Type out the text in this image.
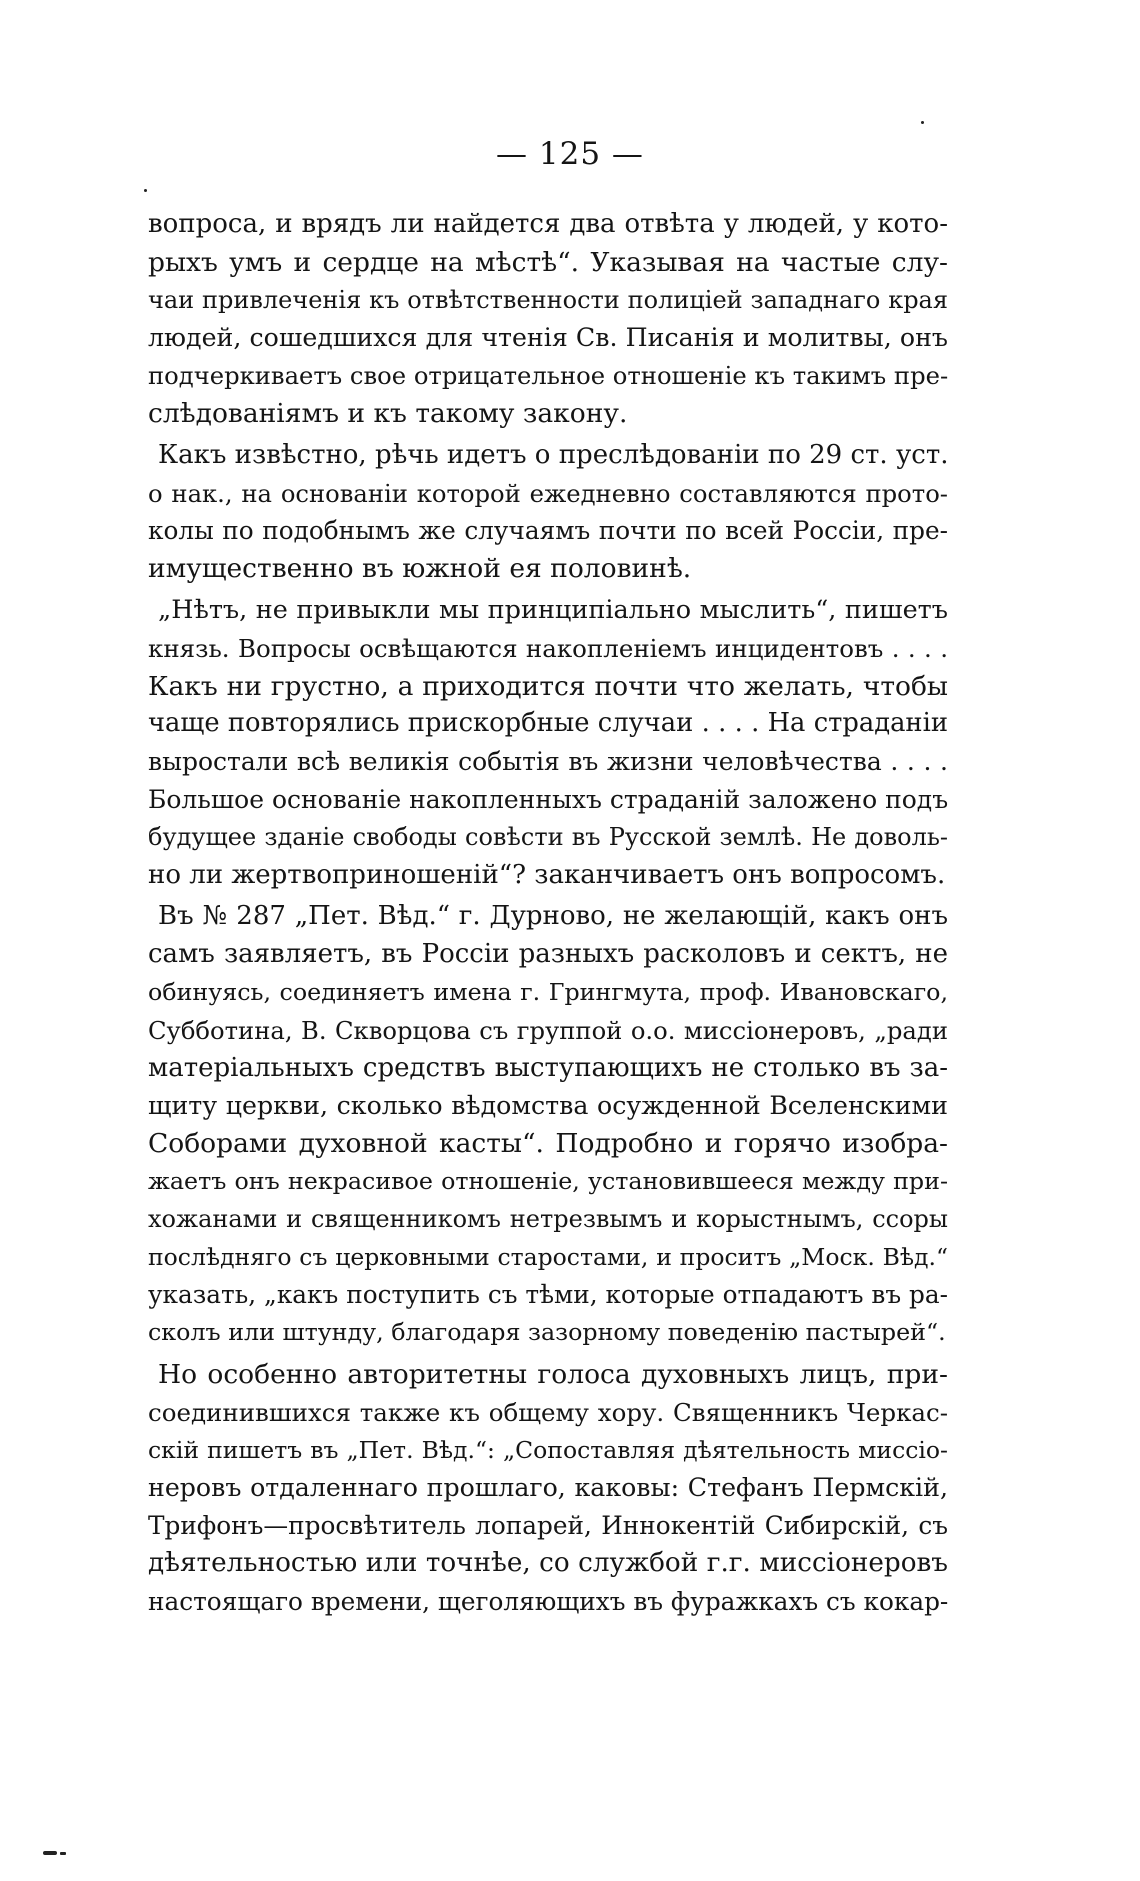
— 125 —
вопроса, и врядъ ли найдется два отвѣта у людей, у кото-
рыхъ умъ и сердце на мѣстѣ“. Указывая на частые слу-
чаи привлеченія къ отвѣтственности полиціей западнаго края
людей, сошедшихся для чтенія Св. Писанія и молитвы, онъ
подчеркиваетъ свое отрицательное отношеніе къ такимъ пре-
слѣдованіямъ и къ такому закону.
Какъ извѣстно, рѣчь идетъ о преслѣдованіи по 29 ст. уст.
о нак., на основаніи которой ежедневно составляются прото-
колы по подобнымъ же случаямъ почти по всей Россіи, пре-
имущественно въ южной ея половинѣ.
„Нѣтъ, не привыкли мы принципіально мыслить“, пишетъ
князь. Вопросы освѣщаются накопленіемъ инцидентовъ . . . .
Какъ ни грустно, а приходится почти что желать, чтобы
чаще повторялись прискорбные случаи . . . . На страданіи
выростали всѣ великія событія въ жизни человѣчества . . . .
Большое основаніе накопленныхъ страданій заложено подъ
будущее зданіе свободы совѣсти въ Русской землѣ. Не доволь-
но ли жертвоприношеній“? заканчиваетъ онъ вопросомъ.
Въ № 287 „Пет. Вѣд.“ г. Дурново, не желающій, какъ онъ
самъ заявляетъ, въ Россіи разныхъ расколовъ и сектъ, не
обинуясь, соединяетъ имена г. Грингмута, проф. Ивановскаго,
Субботина, В. Скворцова съ группой о.о. миссіонеровъ, „ради
матеріальныхъ средствъ выступающихъ не столько въ за-
щиту церкви, сколько вѣдомства осужденной Вселенскими
Соборами духовной касты“. Подробно и горячо изобра-
жаетъ онъ некрасивое отношеніе, установившееся между при-
хожанами и священникомъ нетрезвымъ и корыстнымъ, ссоры
послѣдняго съ церковными старостами, и проситъ „Моск. Вѣд.“
указать, „какъ поступить съ тѣми, которые отпадаютъ въ ра-
сколъ или штунду, благодаря зазорному поведенію пастырей“.
Но особенно авторитетны голоса духовныхъ лицъ, при-
соединившихся также къ общему хору. Священникъ Черкас-
скій пишетъ въ „Пет. Вѣд.“: „Сопоставляя дѣятельность миссіо-
неровъ отдаленнаго прошлаго, каковы: Стефанъ Пермскій,
Трифонъ—просвѣтитель лопарей, Иннокентій Сибирскій, съ
дѣятельностью или точнѣе, со службой г.г. миссіонеровъ
настоящаго времени, щеголяющихъ въ фуражкахъ съ кокар-
